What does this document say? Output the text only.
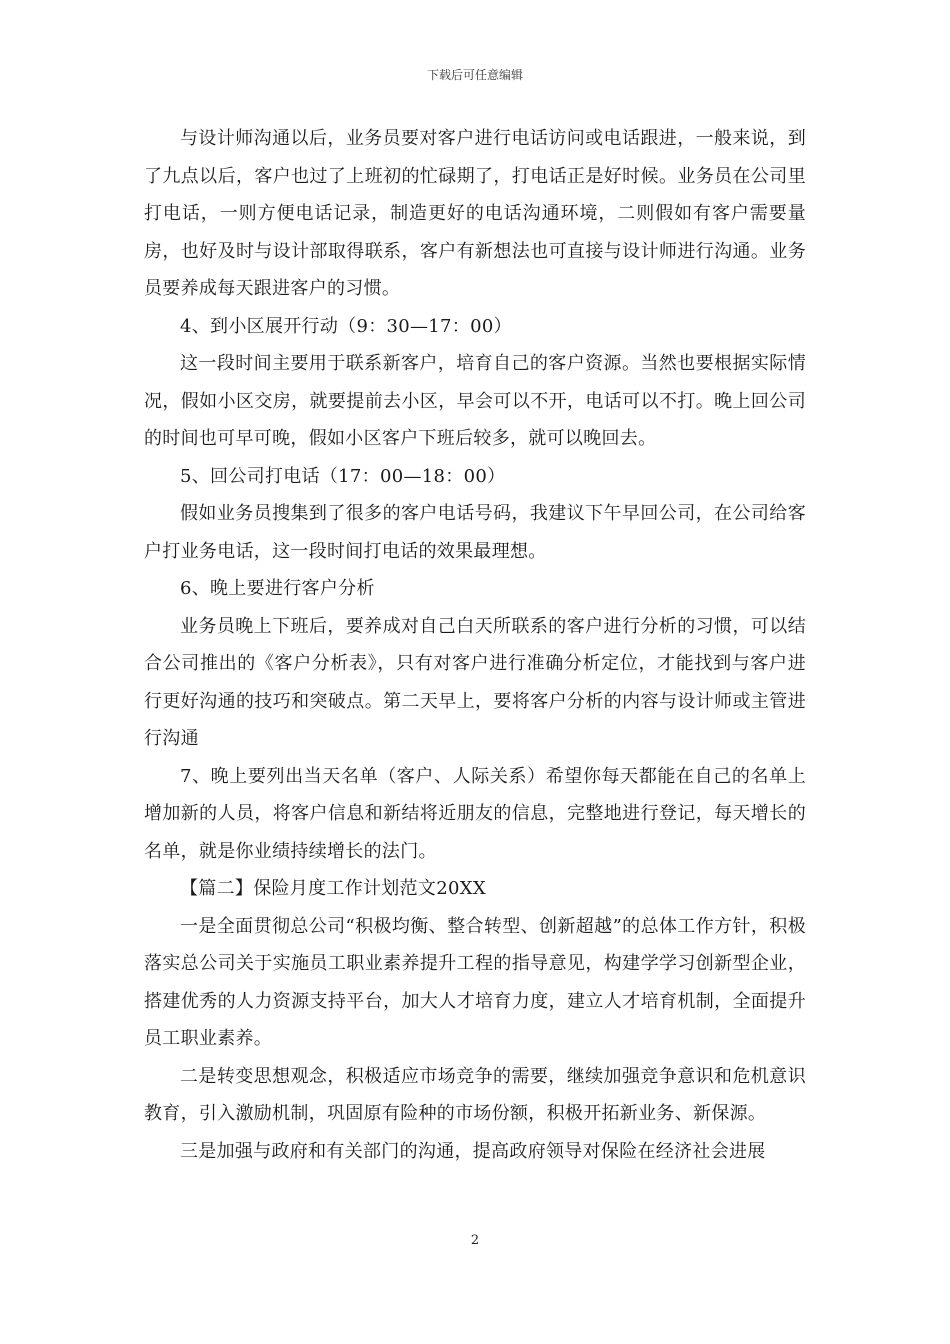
下载后可任意编辑

与设计师沟通以后，业务员要对客户进行电话访问或电话跟进，一般来说，到了九点以后，客户也过了上班初的忙碌期了，打电话正是好时候。业务员在公司里打电话，一则方便电话记录，制造更好的电话沟通环境，二则假如有客户需要量房，也好及时与设计部取得联系，客户有新想法也可直接与设计师进行沟通。业务员要养成每天跟进客户的习惯。

4、到小区展开行动（9：30—17：00）

这一段时间主要用于联系新客户，培育自己的客户资源。当然也要根据实际情况，假如小区交房，就要提前去小区，早会可以不开，电话可以不打。晚上回公司的时间也可早可晚，假如小区客户下班后较多，就可以晚回去。

5、回公司打电话（17：00—18：00）

假如业务员搜集到了很多的客户电话号码，我建议下午早回公司，在公司给客户打业务电话，这一段时间打电话的效果最理想。

6、晚上要进行客户分析

业务员晚上下班后，要养成对自己白天所联系的客户进行分析的习惯，可以结合公司推出的《客户分析表》，只有对客户进行准确分析定位，才能找到与客户进行更好沟通的技巧和突破点。第二天早上，要将客户分析的内容与设计师或主管进行沟通

7、晚上要列出当天名单（客户、人际关系）希望你每天都能在自己的名单上增加新的人员，将客户信息和新结将近朋友的信息，完整地进行登记，每天增长的名单，就是你业绩持续增长的法门。

【篇二】保险月度工作计划范文20XX

一是全面贯彻总公司“积极均衡、整合转型、创新超越”的总体工作方针，积极落实总公司关于实施员工职业素养提升工程的指导意见，构建学学习创新型企业，搭建优秀的人力资源支持平台，加大人才培育力度，建立人才培育机制，全面提升员工职业素养。

二是转变思想观念，积极适应市场竞争的需要，继续加强竞争意识和危机意识教育，引入激励机制，巩固原有险种的市场份额，积极开拓新业务、新保源。

三是加强与政府和有关部门的沟通，提高政府领导对保险在经济社会进展

2
